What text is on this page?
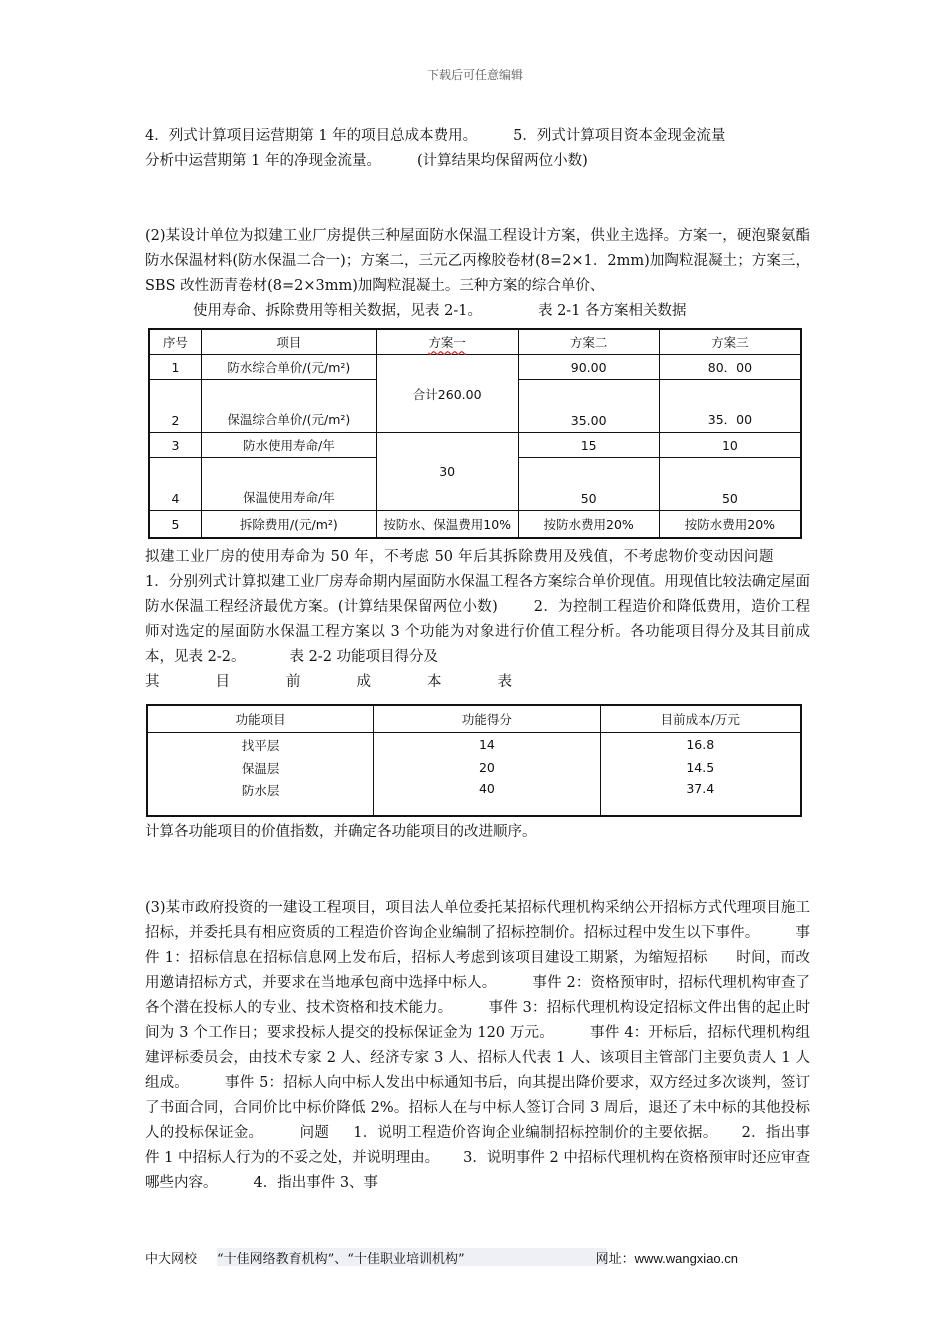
下载后可任意编辑

4．列式计算项目运营期第 1 年的项目总成本费用。 5．列式计算项目资本金现金流量
分析中运营期第 1 年的净现金流量。 (计算结果均保留两位小数)

(2)某设计单位为拟建工业厂房提供三种屋面防水保温工程设计方案，供业主选择。方案一，硬泡聚氨酯防水保温材料(防水保温二合一)；方案二，三元乙丙橡胶卷材(8=2×1．2mm)加陶粒混凝土；方案三，SBS 改性沥青卷材(8=2×3mm)加陶粒混凝土。三种方案的综合单价、
使用寿命、拆除费用等相关数据，见表 2-1。	表 2-1 各方案相关数据

序号	项目	方案一	方案二	方案三
1	防水综合单价/(元/m²)	合计260.00	90.00	80．00
2	保温综合单价/(元/m²)		35.00	35．00
3	防水使用寿命/年	30	15	10
4	保温使用寿命/年		50	50
5	拆除费用/(元/m²)	按防水、保温费用10%	按防水费用20%	按防水费用20%

拟建工业厂房的使用寿命为 50 年，不考虑 50 年后其拆除费用及残值，不考虑物价变动因问题1．分别列式计算拟建工业厂房寿命期内屋面防水保温工程各方案综合单价现值。用现值比较法确定屋面防水保温工程经济最优方案。(计算结果保留两位小数) 2．为控制工程造价和降低费用，造价工程师对选定的屋面防水保温工程方案以 3 个功能为对象进行价值工程分析。各功能项目得分及其目前成本，见表 2-2。	表 2-2 功能项目得分及
其目前成本表

功能项目	功能得分	目前成本/万元
找平层	14	16.8
保温层	20	14.5
防水层	40	37.4

计算各功能项目的价值指数，并确定各功能项目的改进顺序。

(3)某市政府投资的一建设工程项目，项目法人单位委托某招标代理机构采纳公开招标方式代理项目施工招标，并委托具有相应资质的工程造价咨询企业编制了招标控制价。招标过程中发生以下事件。 事件 1：招标信息在招标信息网上发布后，招标人考虑到该项目建设工期紧，为缩短招标 时间，而改用邀请招标方式，并要求在当地承包商中选择中标人。 事件 2：资格预审时，招标代理机构审查了各个潜在投标人的专业、技术资格和技术能力。 事件 3：招标代理机构设定招标文件出售的起止时间为 3 个工作日；要求投标人提交的投标保证金为 120 万元。 事件 4：开标后，招标代理机构组建评标委员会，由技术专家 2 人、经济专家 3 人、招标人代表 1 人、该项目主管部门主要负责人 1 人组成。 事件 5：招标人向中标人发出中标通知书后，向其提出降价要求，双方经过多次谈判，签订了书面合同，合同价比中标价降低 2%。招标人在与中标人签订合同 3 周后，退还了未中标的其他投标人的投标保证金。 问题 1．说明工程造价咨询企业编制招标控制价的主要依据。 2．指出事件 1 中招标人行为的不妥之处，并说明理由。 3．说明事件 2 中招标代理机构在资格预审时还应审查哪些内容。 4．指出事件 3、事

中大网校 “十佳网络教育机构”、“十佳职业培训机构”	网址：www.wangxiao.cn
